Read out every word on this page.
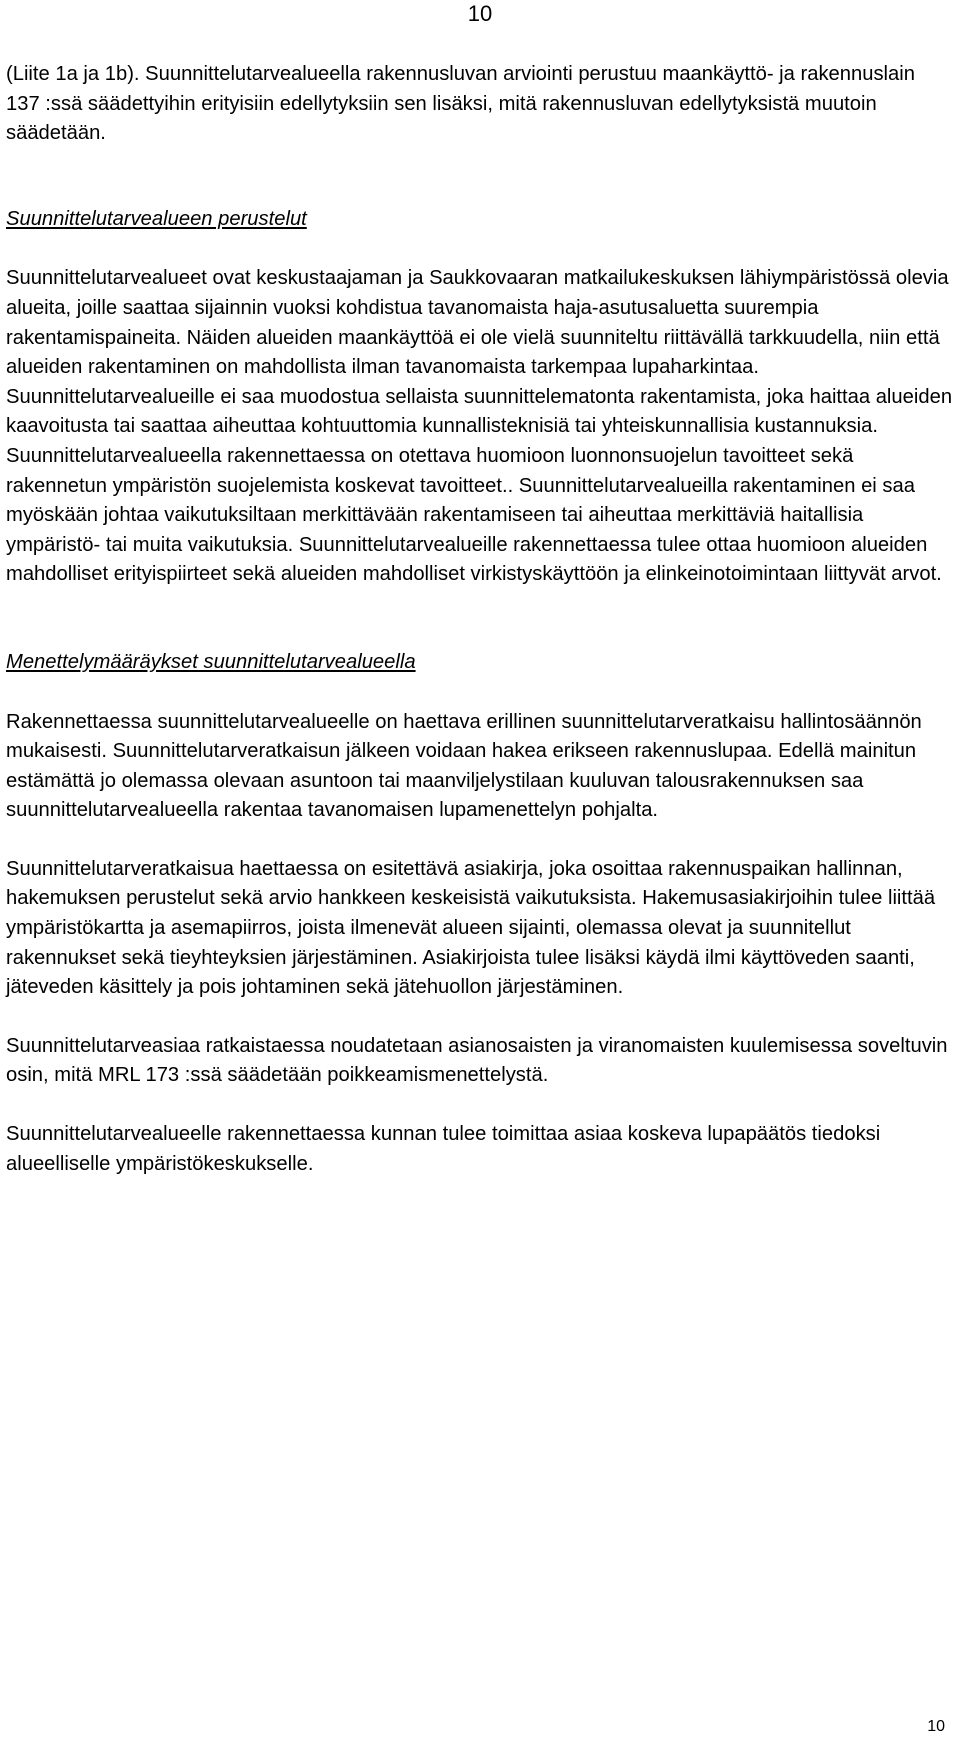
10

(Liite 1a ja 1b). Suunnittelutarvealueella rakennusluvan arviointi perustuu maankäyttö- ja rakennuslain 137 :ssä säädettyihin erityisiin edellytyksiin sen lisäksi, mitä rakennusluvan edellytyksistä muutoin säädetään.

Suunnittelutarvealueen perustelut

Suunnittelutarvealueet ovat keskustaajaman ja Saukkovaaran matkailukeskuksen lähiympäristössä olevia alueita, joille saattaa sijainnin vuoksi kohdistua tavanomaista haja-asutusaluetta suurempia rakentamispaineita. Näiden alueiden maankäyttöä ei ole vielä suunniteltu riittävällä tarkkuudella, niin että alueiden rakentaminen on mahdollista ilman tavanomaista tarkempaa lupaharkintaa. Suunnittelutarvealueille ei saa muodostua sellaista suunnittelematonta rakentamista, joka haittaa alueiden kaavoitusta tai saattaa aiheuttaa kohtuuttomia kunnallisteknisiä tai yhteiskunnallisia kustannuksia. Suunnittelutarvealueella rakennettaessa on otettava huomioon luonnonsuojelun tavoitteet sekä rakennetun ympäristön suojelemista koskevat tavoitteet.. Suunnittelutarvealueilla rakentaminen ei saa myöskään johtaa vaikutuksiltaan merkittävään rakentamiseen tai aiheuttaa merkittäviä haitallisia ympäristö- tai muita vaikutuksia. Suunnittelutarvealueille rakennettaessa tulee ottaa huomioon alueiden mahdolliset erityispiirteet sekä alueiden mahdolliset virkistyskäyttöön ja elinkeinotoimintaan liittyvät arvot.

Menettelymääräykset suunnittelutarvealueella

Rakennettaessa suunnittelutarvealueelle on haettava erillinen suunnittelutarveratkaisu hallintosäännön mukaisesti. Suunnittelutarveratkaisun jälkeen voidaan hakea erikseen rakennuslupaa. Edellä mainitun estämättä jo olemassa olevaan asuntoon tai maanviljelystilaan kuuluvan talousrakennuksen saa suunnittelutarvealueella rakentaa tavanomaisen lupamenettelyn pohjalta.

Suunnittelutarveratkaisua haettaessa on esitettävä asiakirja, joka osoittaa rakennuspaikan hallinnan, hakemuksen perustelut sekä arvio hankkeen keskeisistä vaikutuksista. Hakemusasiakirjoihin tulee liittää ympäristökartta ja asemapiirros, joista ilmenevät alueen sijainti, olemassa olevat ja suunnitellut rakennukset sekä tieyhteyksien järjestäminen. Asiakirjoista tulee lisäksi käydä ilmi käyttöveden saanti, jäteveden käsittely ja pois johtaminen sekä jätehuollon järjestäminen.

Suunnittelutarveasiaa ratkaistaessa noudatetaan asianosaisten ja viranomaisten kuulemisessa soveltuvin osin, mitä MRL 173 :ssä säädetään poikkeamismenettelystä.

Suunnittelutarvealueelle rakennettaessa kunnan tulee toimittaa asiaa koskeva lupapäätös tiedoksi alueelliselle ympäristökeskukselle.

10
